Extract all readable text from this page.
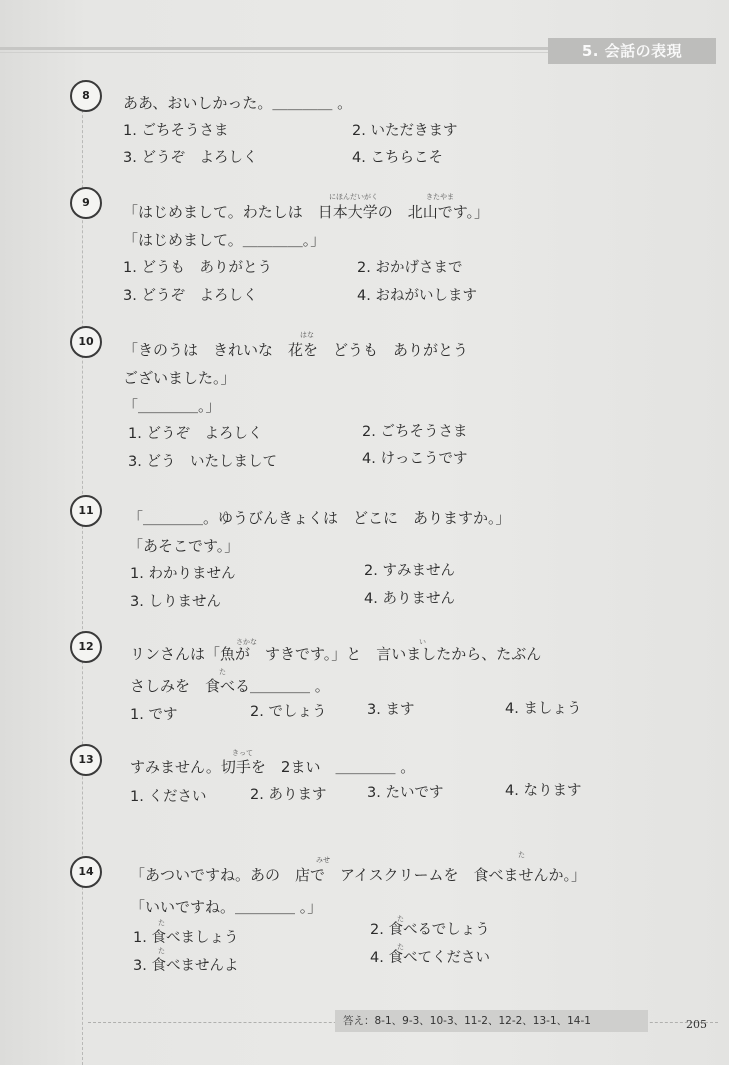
5. 会話の表現
8	ああ、おいしかった。＿＿＿＿ 。
1. ごちそうさま	2. いただきます
3. どうぞ　よろしく	4. こちらこそ
9	にほんだいがく	きたやま
「はじめまして。わたしは　日本大学の　北山です。」
「はじめまして。＿＿＿＿。」
1. どうも　ありがとう	2. おかげさまで
3. どうぞ　よろしく	4. おねがいします
10	はな
「きのうは　きれいな　花を　どうも　ありがとう
ございました。」
「＿＿＿＿。」
1. どうぞ　よろしく	2. ごちそうさま
3. どう　いたしまして	4. けっこうです
11	「＿＿＿＿。ゆうびんきょくは　どこに　ありますか。」
「あそこです。」
1. わかりません	2. すみません
3. しりません	4. ありません
12	さかな	い
た
リンさんは「魚が　すきです。」と　言いましたから、たぶん
さしみを　食べる＿＿＿＿ 。
1. です	2. でしょう	3. ます	4. ましょう
13	きって
すみません。切手を　2まい　＿＿＿＿ 。
1. ください	2. あります	3. たいです	4. なります
14
みせ
た
た	た
た	た
「あついですね。あの　店で　アイスクリームを　食べませんか。」
「いいですね。＿＿＿＿ 。」
1. 食べましょう	2. 食べるでしょう
3. 食べませんよ	4. 食べてください
答え：8-1、9-3、10-3、11-2、12-2、13-1、14-1	205
